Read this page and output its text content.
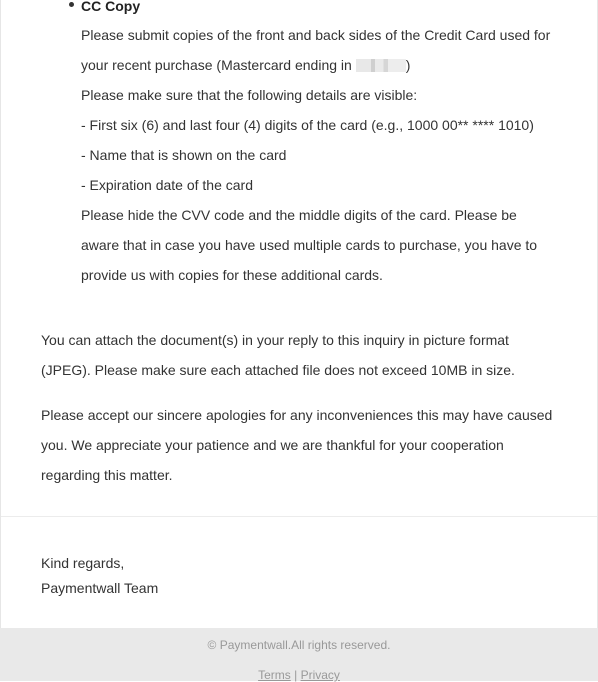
CC Copy
Please submit copies of the front and back sides of the Credit Card used for
your recent purchase (Mastercard ending in	)
Please make sure that the following details are visible:
- First six (6) and last four (4) digits of the card (e.g., 1000 00** **** 1010)
- Name that is shown on the card
- Expiration date of the card
Please hide the CVV code and the middle digits of the card. Please be
aware that in case you have used multiple cards to purchase, you have to
provide us with copies for these additional cards.
You can attach the document(s) in your reply to this inquiry in picture format
(JPEG). Please make sure each attached file does not exceed 10MB in size.
Please accept our sincere apologies for any inconveniences this may have caused
you. We appreciate your patience and we are thankful for your cooperation
regarding this matter.
Kind regards,
Paymentwall Team
© Paymentwall.All rights reserved.
Terms | Privacy
